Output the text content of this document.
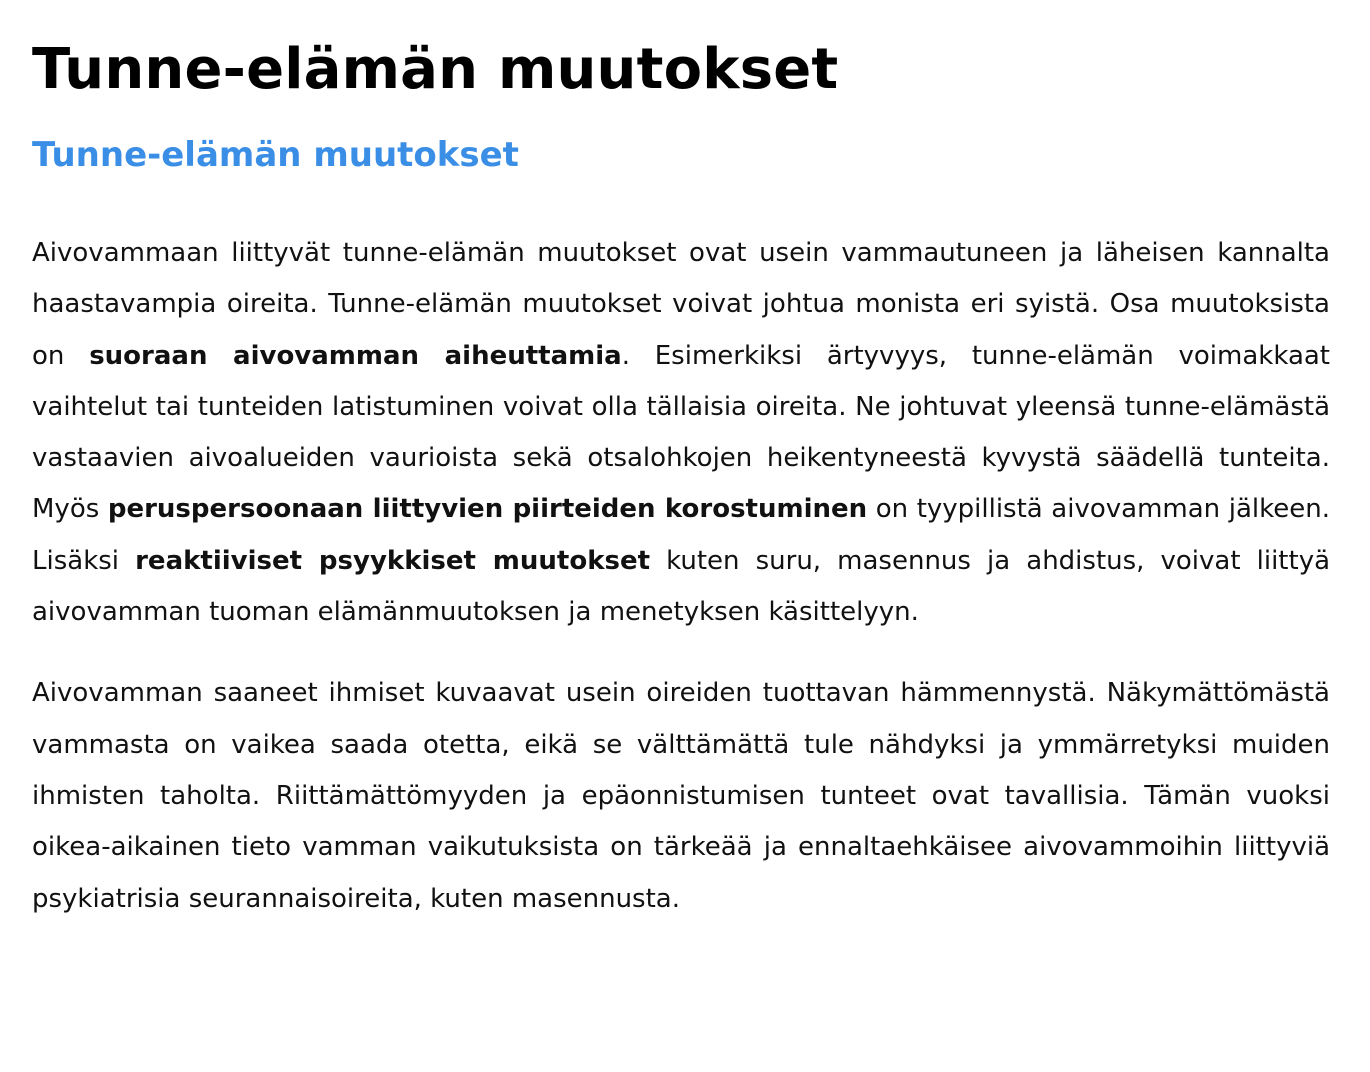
Tunne-elämän muutokset
Tunne-elämän muutokset

Aivovammaan liittyvät tunne-elämän muutokset ovat usein vammautuneen ja läheisen kannalta haastavampia oireita. Tunne-elämän muutokset voivat johtua monista eri syistä. Osa muutoksista on suoraan aivovamman aiheuttamia. Esimerkiksi ärtyvyys, tunne-elämän voimakkaat vaihtelut tai tunteiden latistuminen voivat olla tällaisia oireita. Ne johtuvat yleensä tunne-elämästä vastaavien aivoalueiden vaurioista sekä otsalohkojen heikentyneestä kyvystä säädellä tunteita. Myös peruspersoonaan liittyvien piirteiden korostuminen on tyypillistä aivovamman jälkeen. Lisäksi reaktiiviset psyykkiset muutokset kuten suru, masennus ja ahdistus, voivat liittyä aivovamman tuoman elämänmuutoksen ja menetyksen käsittelyyn.

Aivovamman saaneet ihmiset kuvaavat usein oireiden tuottavan hämmennystä. Näkymättömästä vammasta on vaikea saada otetta, eikä se välttämättä tule nähdyksi ja ymmärretyksi muiden ihmisten taholta. Riittämättömyyden ja epäonnistumisen tunteet ovat tavallisia. Tämän vuoksi oikea-aikainen tieto vamman vaikutuksista on tärkeää ja ennaltaehkäisee aivovammoihin liittyviä psykiatrisia seurannaisoireita, kuten masennusta.
